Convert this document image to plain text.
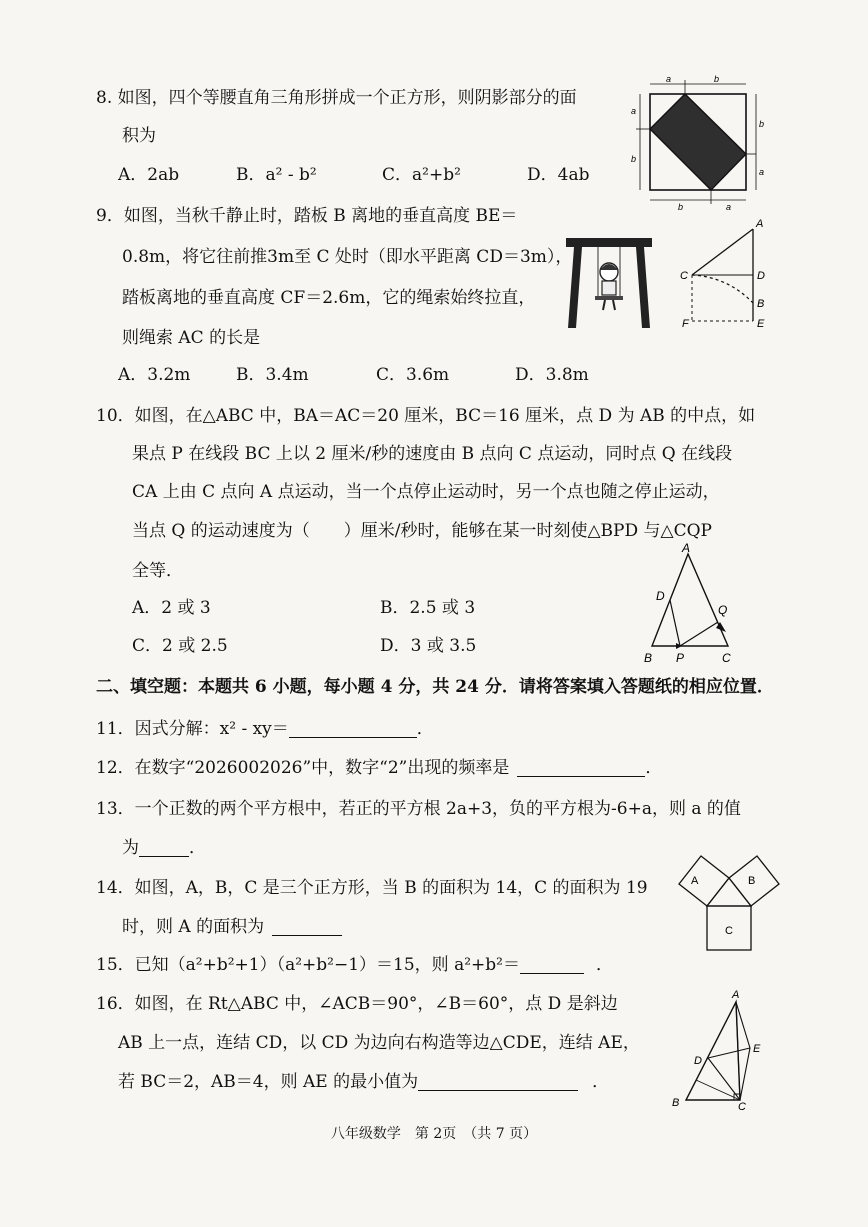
8. 如图，四个等腰直角三角形拼成一个正方形，则阴影部分的面
积为
A．2ab	B．a² - b²	C．a²+b²	D．4ab
a	b
a
b
b	a
b
a
9．如图，当秋千静止时，踏板 B 离地的垂直高度 BE＝
0.8m，将它往前推3m至 C 处时（即水平距离 CD＝3m），
踏板离地的垂直高度 CF＝2.6m，它的绳索始终拉直，
则绳索 AC 的长是
A．3.2m	B．3.4m	C．3.6m	D．3.8m
A
C	D
B
F	E
10．如图，在△ABC 中，BA＝AC＝20 厘米，BC＝16 厘米，点 D 为 AB 的中点，如
果点 P 在线段 BC 上以 2 厘米/秒的速度由 B 点向 C 点运动，同时点 Q 在线段
CA 上由 C 点向 A 点运动，当一个点停止运动时，另一个点也随之停止运动，
当点 Q 的运动速度为（　　）厘米/秒时，能够在某一时刻使△BPD 与△CQP
全等．
A．2 或 3	B．2.5 或 3
C．2 或 2.5	D．3 或 3.5
A
D
Q
B P	C
二、填空题：本题共 6 小题，每小题 4 分，共 24 分．请将答案填入答题纸的相应位置．
11．因式分解：x² - xy＝	．
12．在数字“2026002026”中，数字“2”出现的频率是	．
13．一个正数的两个平方根中，若正的平方根 2a+3，负的平方根为-6+a，则 a 的值
为	．
14．如图，A，B，C 是三个正方形，当 B 的面积为 14，C 的面积为 19
时，则 A 的面积为
A	B
C
15．已知（a²+b²+1）（a²+b²−1）＝15，则 a²+b²＝	．
16．如图，在 Rt△ABC 中，∠ACB＝90°，∠B＝60°，点 D 是斜边
AB 上一点，连结 CD，以 CD 为边向右构造等边△CDE，连结 AE，
若 BC＝2，AB＝4，则 AE 的最小值为	．
A
D
E
B	C
八年级数学　第 2页　（共 7 页）
